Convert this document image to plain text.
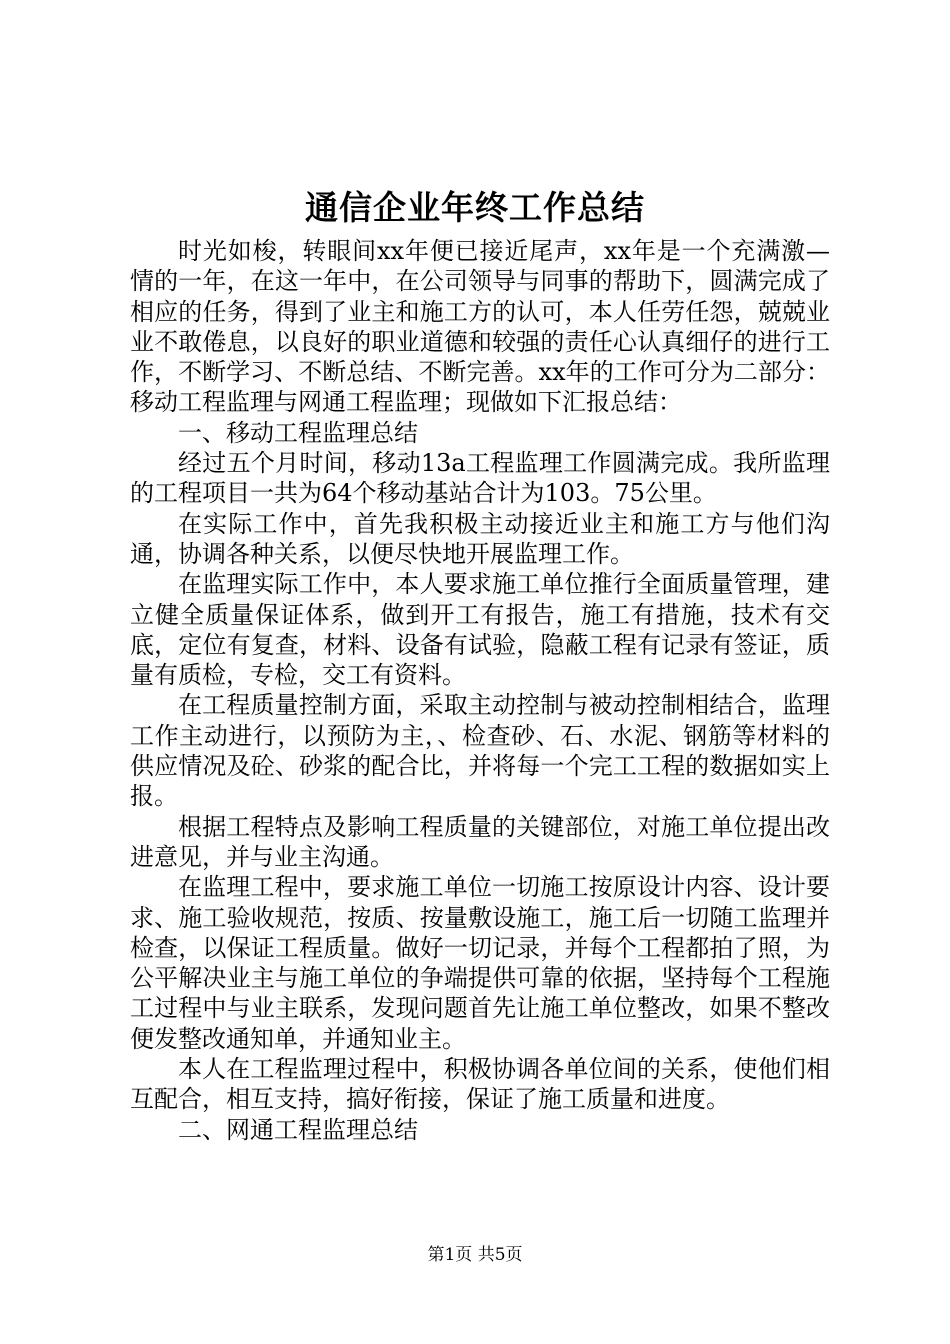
通信企业年终工作总结

时光如梭，转眼间xx年便已接近尾声，xx年是一个充满激—情的一年，在这一年中，在公司领导与同事的帮助下，圆满完成了相应的任务，得到了业主和施工方的认可，本人任劳任怨，兢兢业业不敢倦息，以良好的职业道德和较强的责任心认真细仔的进行工作，不断学习、不断总结、不断完善。xx年的工作可分为二部分：移动工程监理与网通工程监理；现做如下汇报总结：

一、移动工程监理总结

经过五个月时间，移动13a工程监理工作圆满完成。我所监理的工程项目一共为64个移动基站合计为103。75公里。

在实际工作中，首先我积极主动接近业主和施工方与他们沟通，协调各种关系，以便尽快地开展监理工作。

在监理实际工作中，本人要求施工单位推行全面质量管理，建立健全质量保证体系，做到开工有报告，施工有措施，技术有交底，定位有复查，材料、设备有试验，隐蔽工程有记录有签证，质量有质检，专检，交工有资料。

在工程质量控制方面，采取主动控制与被动控制相结合，监理工作主动进行，以预防为主，、检查砂、石、水泥、钢筋等材料的供应情况及砼、砂浆的配合比，并将每一个完工工程的数据如实上报。

根据工程特点及影响工程质量的关键部位，对施工单位提出改进意见，并与业主沟通。

在监理工程中，要求施工单位一切施工按原设计内容、设计要求、施工验收规范，按质、按量敷设施工，施工后一切随工监理并检查，以保证工程质量。做好一切记录，并每个工程都拍了照，为公平解决业主与施工单位的争端提供可靠的依据，坚持每个工程施工过程中与业主联系，发现问题首先让施工单位整改，如果不整改便发整改通知单，并通知业主。

本人在工程监理过程中，积极协调各单位间的关系，使他们相互配合，相互支持，搞好衔接，保证了施工质量和进度。

二、网通工程监理总结

第1页 共5页
